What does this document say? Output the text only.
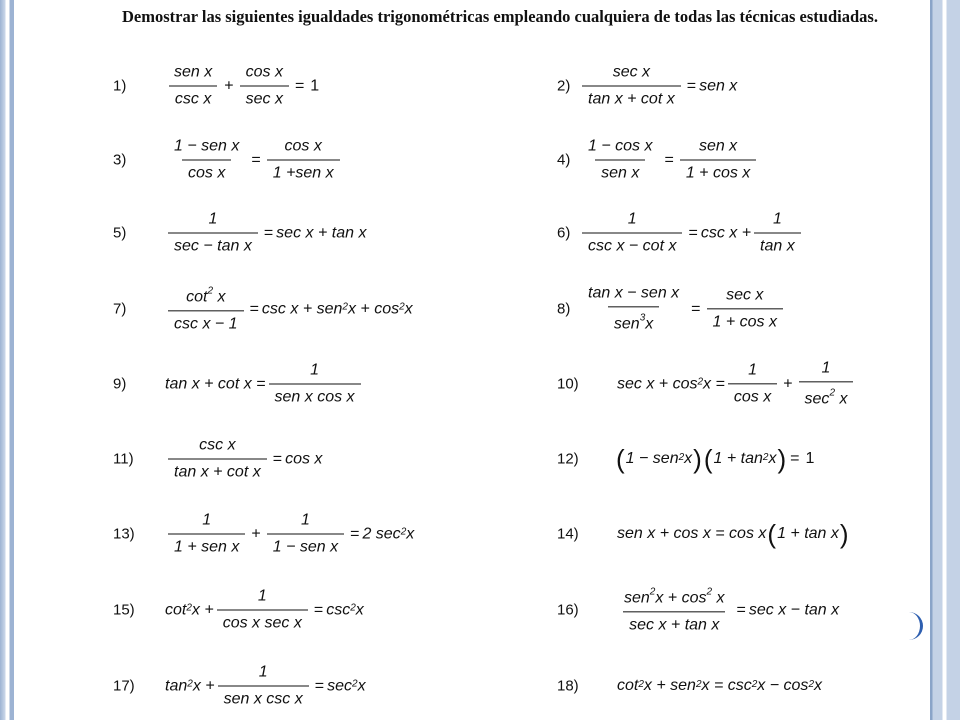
Demostrar las siguientes igualdades trigonométricas empleando cualquiera de todas las técnicas estudiadas.
1)	$\frac{\text{sen x}}{\text{csc x}} + \frac{\text{cos x}}{\text{sec x}} = 1$	$2) \frac{\text{sec x}}{\text{tan x + cot x}}$ = sen x
3)	$\frac{\text{1 − sen x}}{\text{cos x}} = \frac{\text{cos x}}{\text{1 +sen x}}$	$4) \frac{\text{1 − cos x}}{\text{sen x}} = \frac{\text{sen x}}{\text{1 + cos x}}$
5)	$\frac{1}{\text{sec − tan x}} = \sec x + \tan x$	$6) \frac{1}{\text{csc x − cot x}} = \csc x + \frac{1}{\text{tan x}}$
7)	$\frac{\cot^2 x}{\text{csc x − 1}} = \csc x + sen^2$ $x + \cos^2 x$	$8) \frac{\text{tan x − sen x}}{sen^3x} = \frac{\text{sec x}}{\text{1 + cos x}}$
9) $\tan x + \cot x = \frac{1}{\text{sen x cos x}}$	10) $\sec x + \cos^2 x = \frac{1}{\text{cos x}} + \frac{1}{\sec^2 x}$
$11) \frac{\text{csc x}}{\text{tan x + cot x}} = \cos x$	12) ( 1 − sen$^2$ x ) ( $1 + \tan^2 x$ ) = 1
$13) \frac{1}{\text{1 + sen x}} + \frac{1}{\text{1 − sen x}} = 2$ $\sec^2 x$	14) sen x + cos x = cos x ( 1 + tan x )
15) $\cot^2 x + \frac{1}{\text{cos x sec x}} = \csc^2 x$	$16) \frac{sen^2x + \cos^2 x}{\text{sec x + tan x}} = \sec x - \tan x$
17) $\tan^2 x + \frac{1}{\text{sen x csc x}} = \sec^2 x$	18) $\cot^2 x + sen^2$ $x = \csc^2 x - \cos^2 x$
